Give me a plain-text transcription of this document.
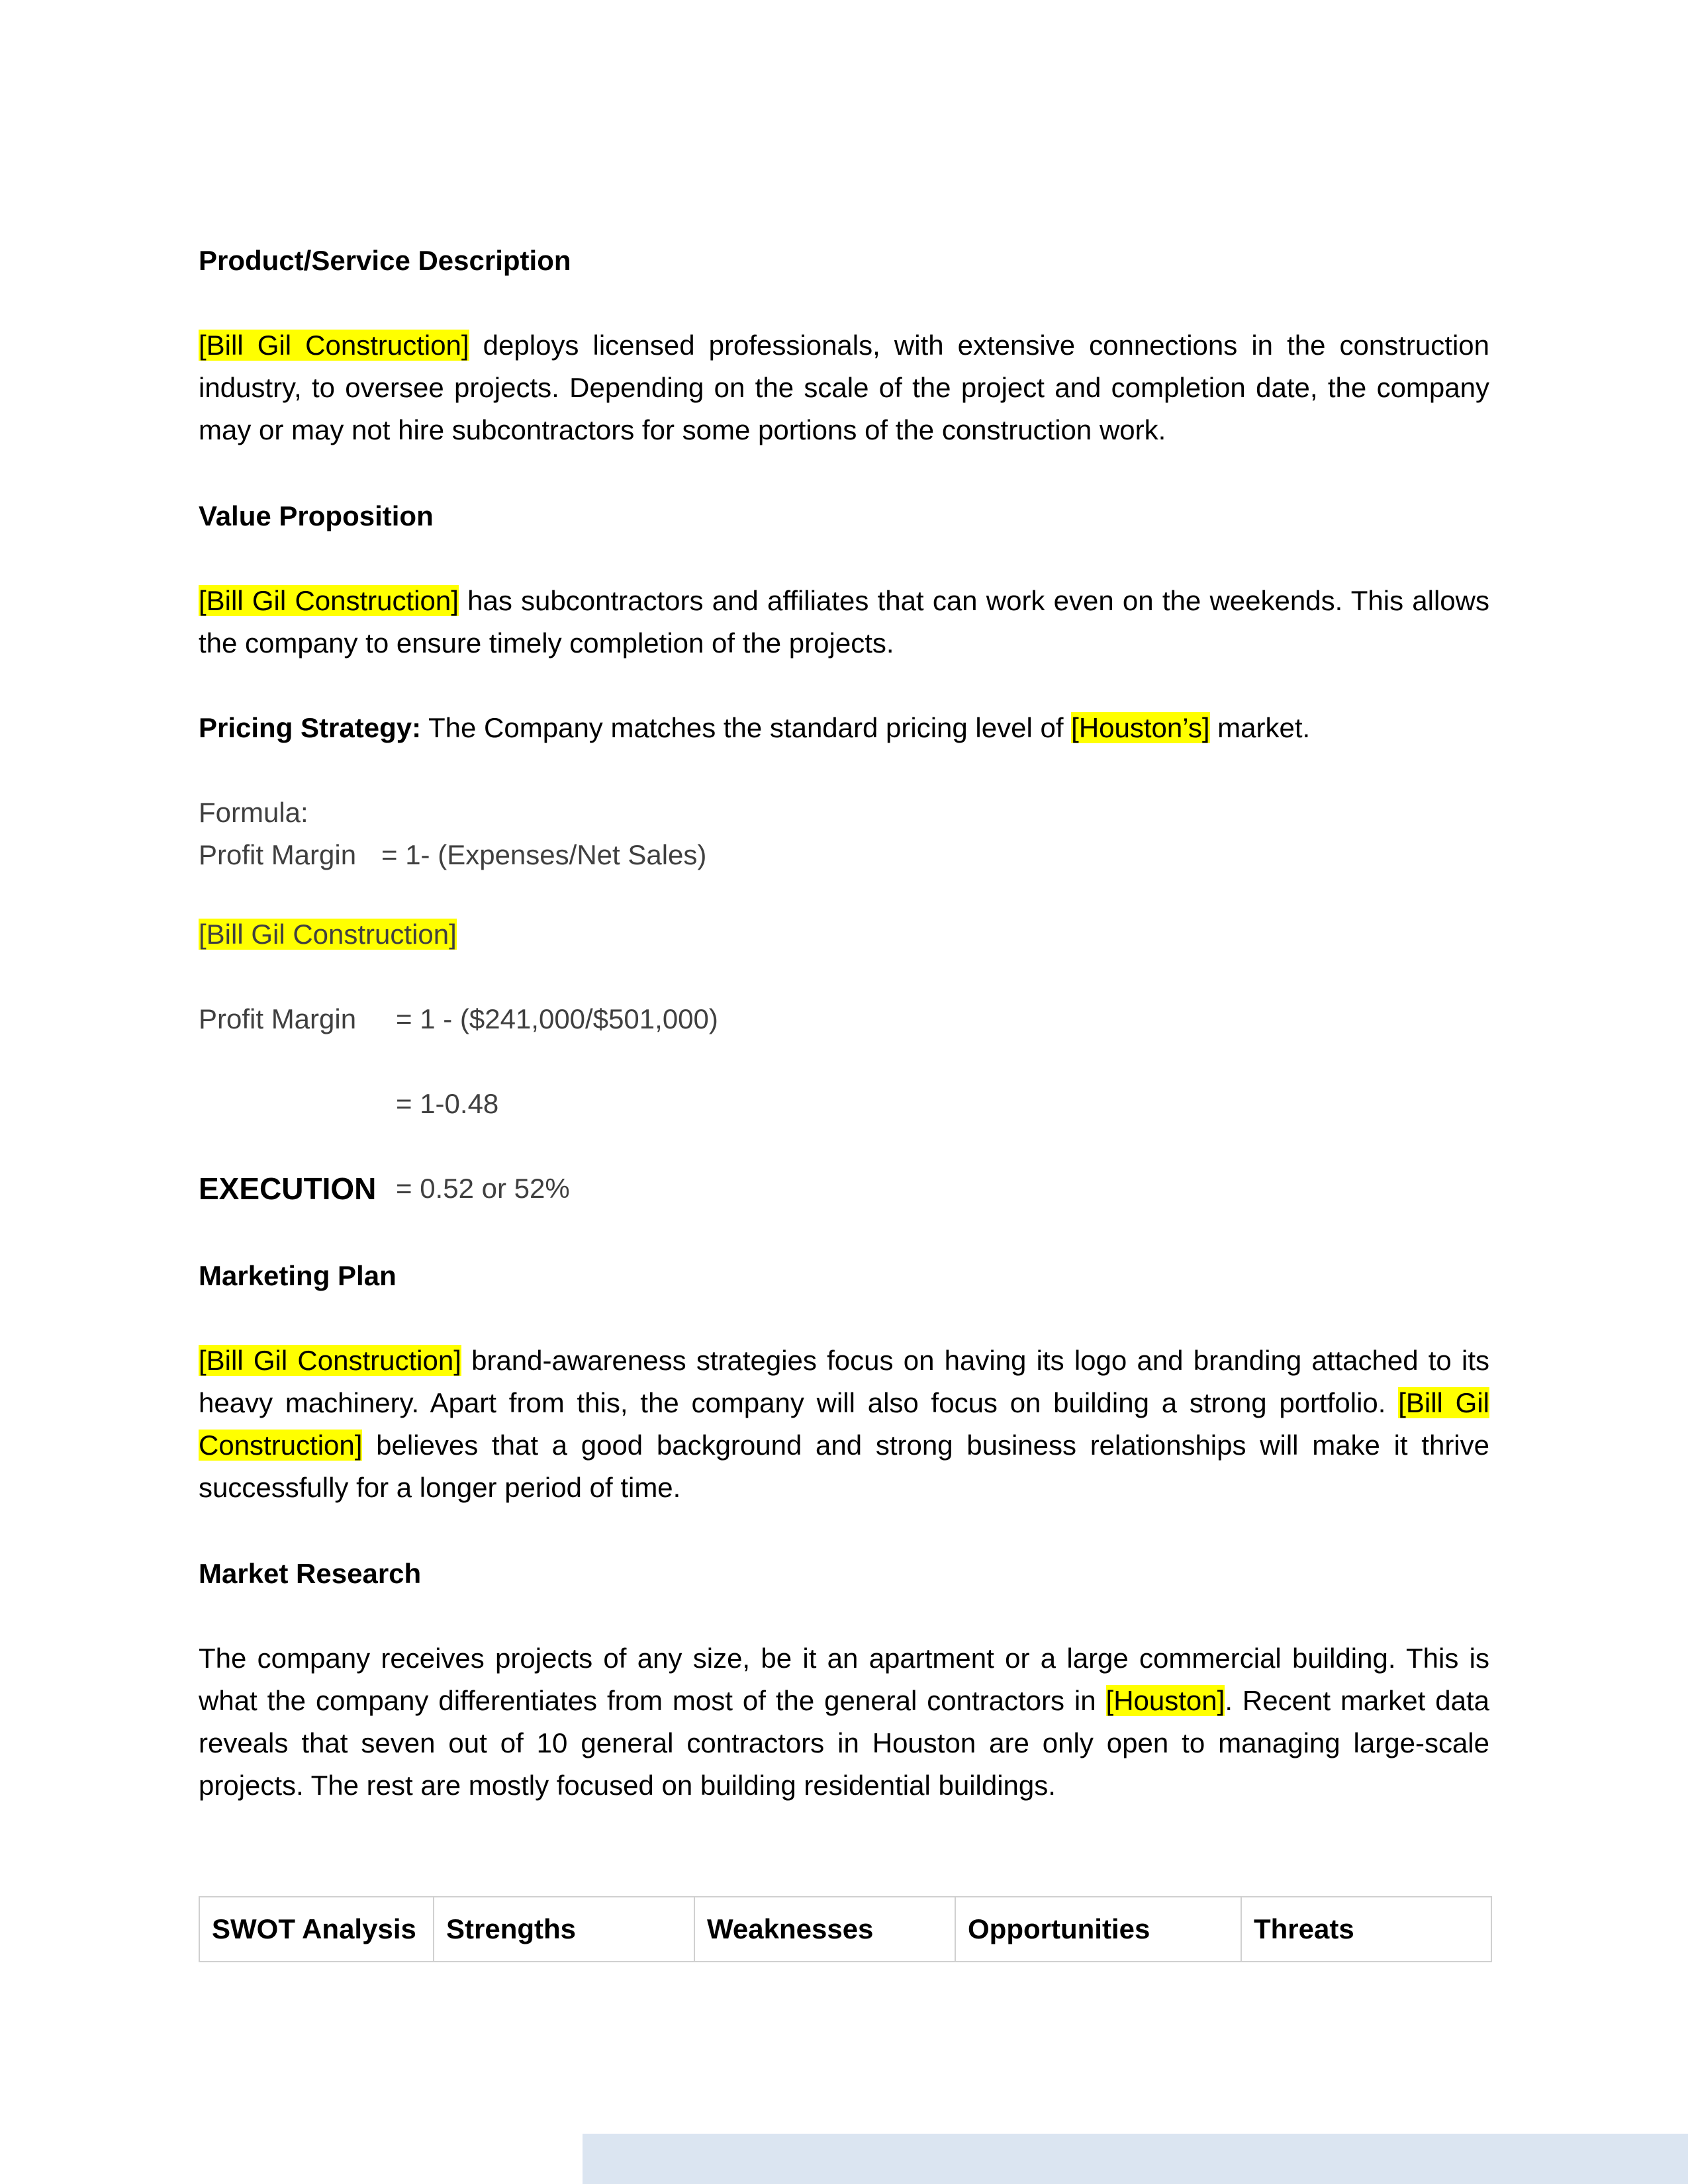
Product/Service Description

[Bill Gil Construction] deploys licensed professionals, with extensive connections in the construction industry, to oversee projects. Depending on the scale of the project and completion date, the company may or may not hire subcontractors for some portions of the construction work.

Value Proposition

[Bill Gil Construction] has subcontractors and affiliates that can work even on the weekends. This allows the company to ensure timely completion of the projects.

Pricing Strategy: The Company matches the standard pricing level of [Houston’s] market.

Formula:
Profit Margin = 1- (Expenses/Net Sales)
[Bill Gil Construction]
Profit Margin = 1 - ($241,000/$501,000)
= 1-0.48
= 0.52 or 52%
EXECUTION
Marketing Plan

[Bill Gil Construction] brand-awareness strategies focus on having its logo and branding attached to its heavy machinery. Apart from this, the company will also focus on building a strong portfolio. [Bill Gil Construction] believes that a good background and strong business relationships will make it thrive successfully for a longer period of time.

Market Research

The company receives projects of any size, be it an apartment or a large commercial building. This is what the company differentiates from most of the general contractors in [Houston]. Recent market data reveals that seven out of 10 general contractors in Houston are only open to managing large-scale projects. The rest are mostly focused on building residential buildings.

SWOT Analysis	Strengths	Weaknesses	Opportunities	Threats
